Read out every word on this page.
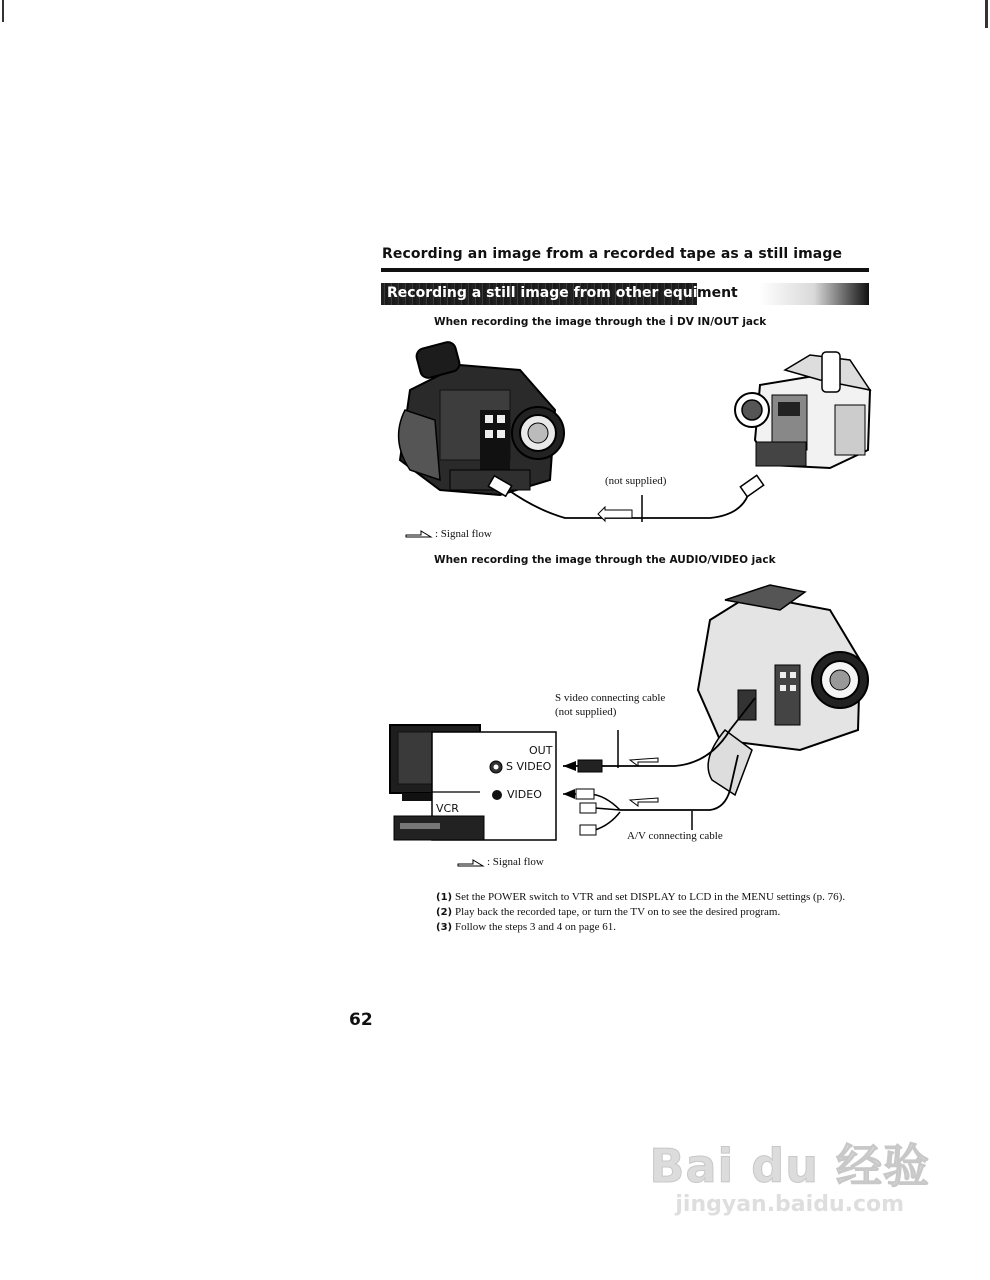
Recording an image from a recorded tape as a still image
Recording a still image from other equip
ment
When recording the image through the İ DV IN/OUT jack
(not supplied)
: Signal flow
When recording the image through the AUDIO/VIDEO jack
OUT
S VIDEO
VIDEO
VCR
S video connecting cable
(not supplied)
A/V connecting cable
: Signal flow
(1) Set the POWER switch to VTR and set DISPLAY to LCD in the MENU settings (p. 76).
(2) Play back the recorded tape, or turn the TV on to see the desired program.
(3) Follow the steps 3 and 4 on page 61.
62
Bai du 经验
jingyan.baidu.com
